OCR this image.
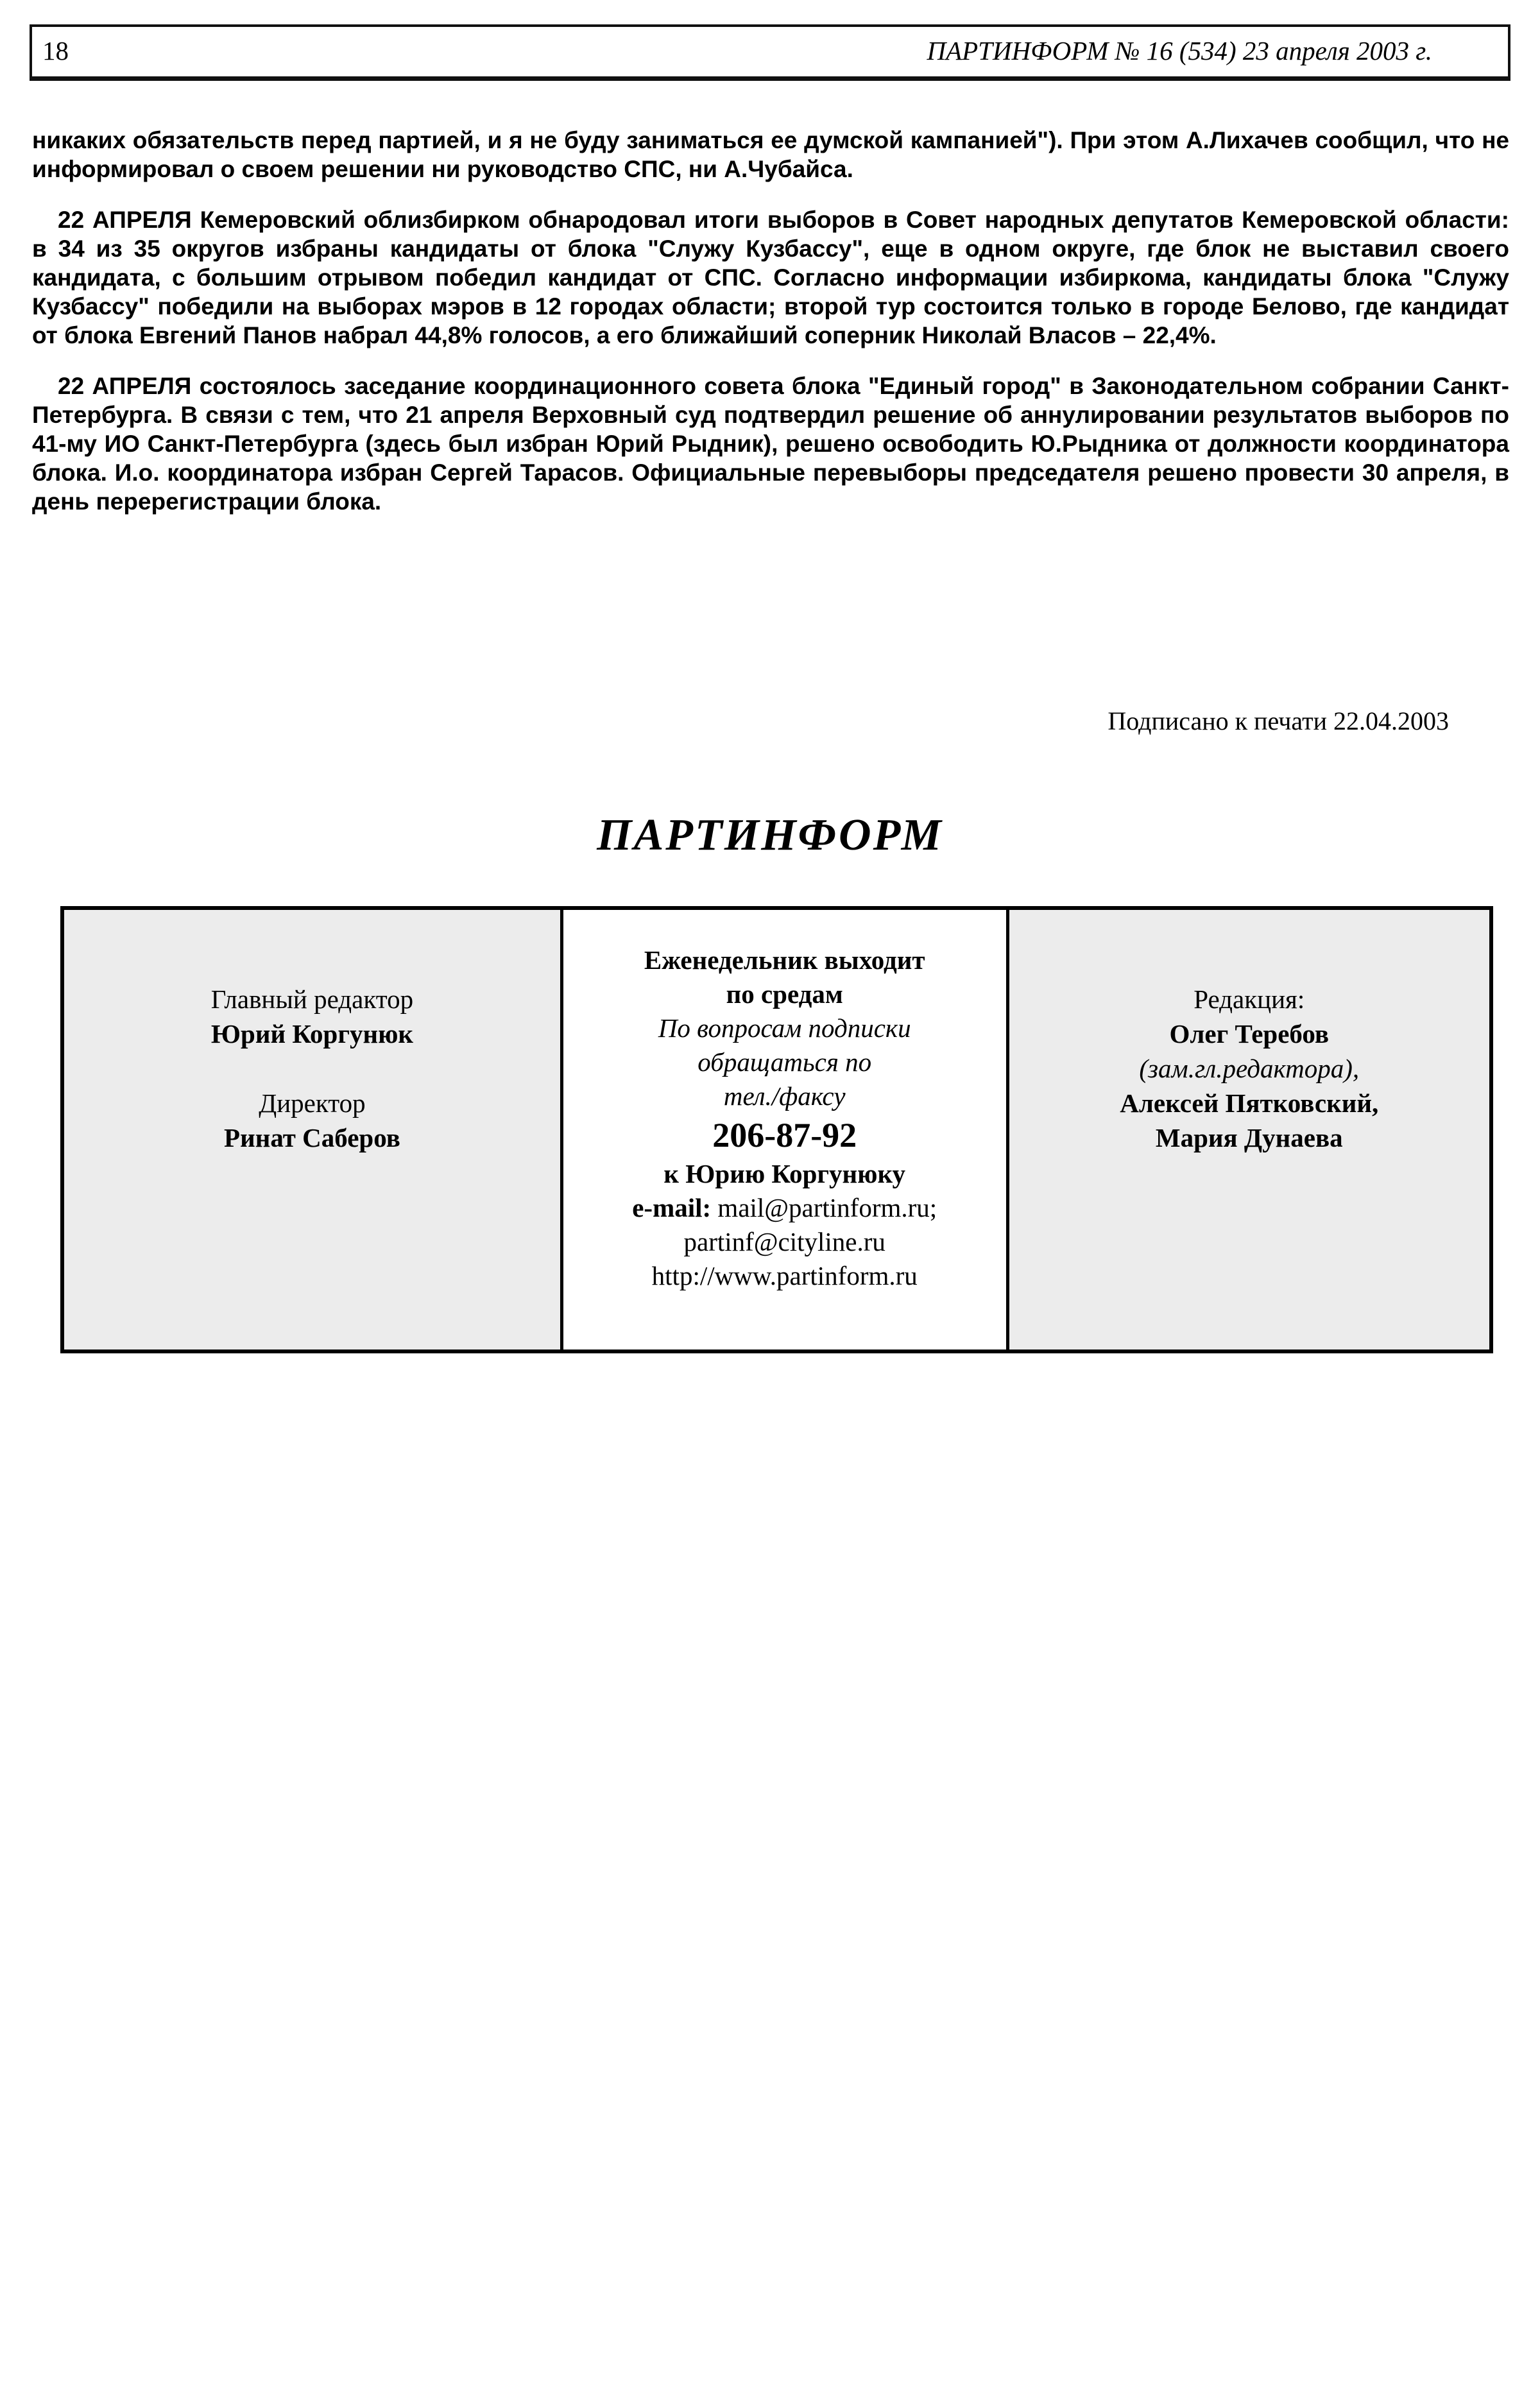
18	ПАРТИНФОРМ № 16 (534) 23 апреля 2003 г.

никаких обязательств перед партией, и я не буду заниматься ее думской кампанией"). При этом А.Лихачев сообщил, что не информировал о своем решении ни руководство СПС, ни А.Чубайса.

22 АПРЕЛЯ Кемеровский облизбирком обнародовал итоги выборов в Совет народных депутатов Кемеровской области: в 34 из 35 округов избраны кандидаты от блока "Служу Кузбассу", еще в одном округе, где блок не выставил своего кандидата, с большим отрывом победил кандидат от СПС. Согласно информации избиркома, кандидаты блока "Служу Кузбассу" победили на выборах мэров в 12 городах области; второй тур состоится только в городе Белово, где кандидат от блока Евгений Панов набрал 44,8% голосов, а его ближайший соперник Николай Власов – 22,4%.

22 АПРЕЛЯ состоялось заседание координационного совета блока "Единый город" в Законодательном собрании Санкт-Петербурга. В связи с тем, что 21 апреля Верховный суд подтвердил решение об аннулировании результатов выборов по 41-му ИО Санкт-Петербурга (здесь был избран Юрий Рыдник), решено освободить Ю.Рыдника от должности координатора блока. И.о. координатора избран Сергей Тарасов. Официальные перевыборы председателя решено провести 30 апреля, в день перерегистрации блока.

Подписано к печати 22.04.2003
ПАРТИНФОРМ
Главный редактор
Юрий Коргунюк
Директор
Ринат Саберов
Еженедельник выходит
по средам
По вопросам подписки
обращаться по
тел./факсу
206-87-92
к Юрию Коргунюку
e-mail: mail@partinform.ru;
partinf@cityline.ru
http://www.partinform.ru
Редакция:
Олег Теребов
(зам.гл.редактора),
Алексей Пятковский,
Мария Дунаева
